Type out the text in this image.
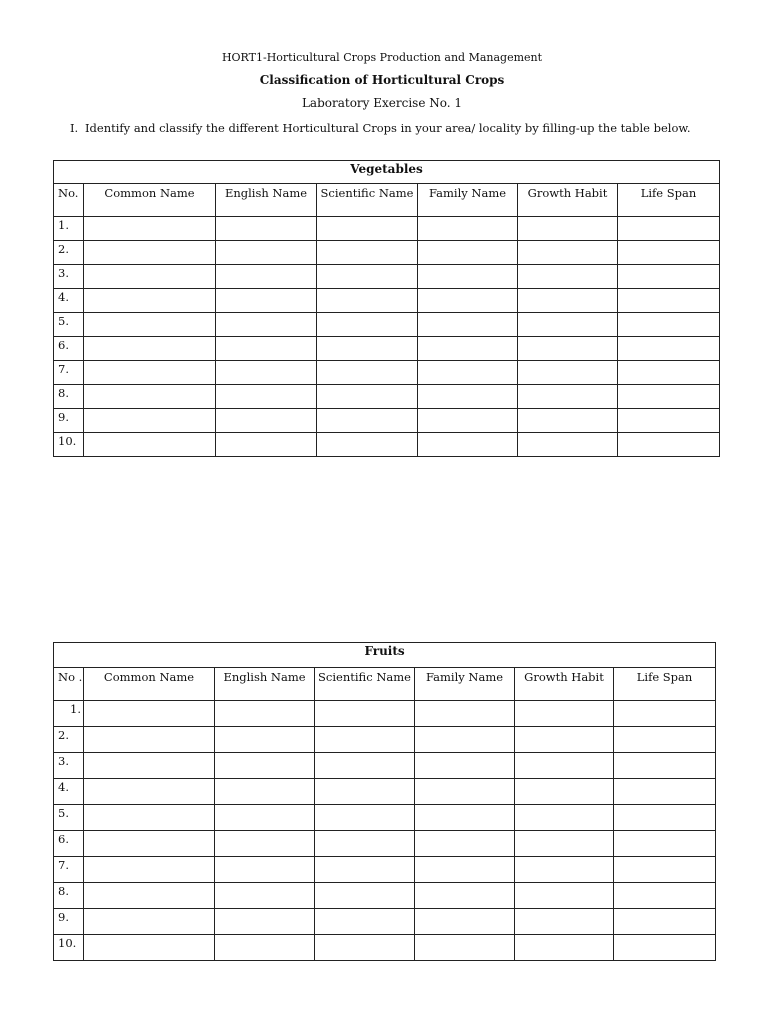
HORT1-Horticultural Crops Production and Management
Classification of Horticultural Crops
Laboratory Exercise No. 1
I. Identify and classify the different Horticultural Crops in your area/ locality by filling-up the table below.
Vegetables						
No.	Common Name	English Name	Scientific Name	Family Name	Growth Habit	Life Span
1.						
2.						
3.						
4.						
5.						
6.						
7.						
8.						
9.						
10.						
Fruits						
No .	Common Name	English Name	Scientific Name	Family Name	Growth Habit	Life Span
1.						
2.						
3.						
4.						
5.						
6.						
7.						
8.						
9.						
10.						
